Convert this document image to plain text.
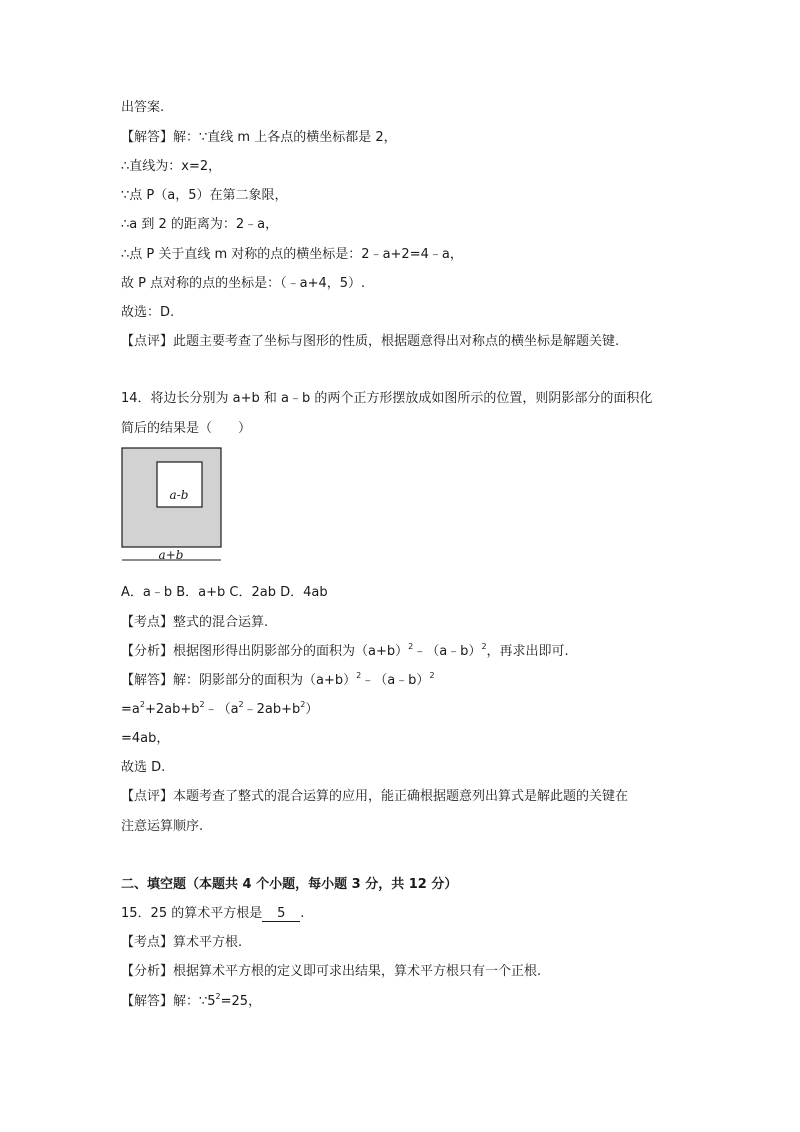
出答案.
【解答】解：∵直线 m 上各点的横坐标都是 2，
∴直线为：x=2，
∵点 P（a，5）在第二象限，
∴a 到 2 的距离为：2﹣a，
∴点 P 关于直线 m 对称的点的横坐标是：2﹣a+2=4﹣a，
故 P 点对称的点的坐标是：（﹣a+4，5）.
故选：D.
【点评】此题主要考查了坐标与图形的性质，根据题意得出对称点的横坐标是解题关键.
14．将边长分别为 a+b 和 a﹣b 的两个正方形摆放成如图所示的位置，则阴影部分的面积化
简后的结果是（　　）
a-b
a+b
A．a﹣b B．a+b C．2ab D．4ab
【考点】整式的混合运算.
【分析】根据图形得出阴影部分的面积为$(a+b)^2﹣(a﹣b)^2$，再求出即可.
【解答】解：阴影部分的面积为$(a+b)^2﹣(a﹣b)^2$
$=a^2+2ab+b^2﹣(a^2﹣2ab+b^2)$
=4ab，
故选 D.
【点评】本题考查了整式的混合运算的应用，能正确根据题意列出算式是解此题的关键在
注意运算顺序.
二、填空题（本题共 4 个小题，每小题 3 分，共 12 分）
15．25 的算术平方根是 5 .
【考点】算术平方根.
【分析】根据算术平方根的定义即可求出结果，算术平方根只有一个正根.
【解答】解：$\because 5^2=25$，
